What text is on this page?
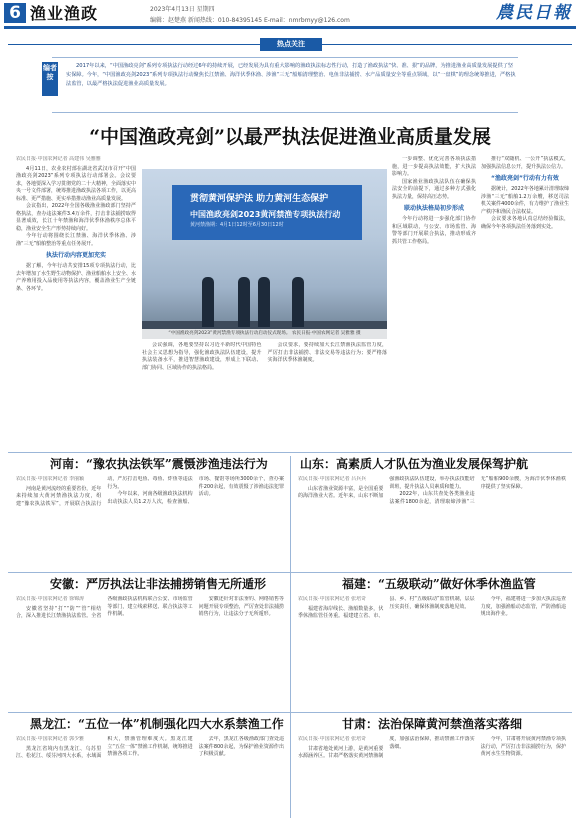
6 渔业渔政	2023年4月13日 星期四
编辑：赵楚燕 新闻热线：010-84395145 E-mail：nmrbmyy@126.com	農民日報
热点关注
编者按
2017年以来，“中国渔政亮剑”系列专项执法行动经过6年的持续开展，已经发展为具有重大影响的渔政执法标志性行动，打造了渔政执法“快、准、狠”的品牌，为推进渔业高质量发展提供了坚实保障。今年，“中国渔政亮剑2023”系列专项执法行动聚焦长江禁渔、海洋伏季休渔、涉渔“三无”船舶清理整治、电鱼非法捕捞、水产品质量安全等重点领域，以“一盘棋”的理念统筹推进，严格执法监管，以最严格执法促进渔业高质量发展。
“中国渔政亮剑”以最严执法促进渔业高质量发展
农民日报·中国农网记者 高建伟 吴雅雅

4月11日，农业农村部在湖北省武汉市召开“中国渔政亮剑2023”系列专项执法行动部署会。会议要求，各地要深入学习贯彻党的二十大精神，全面落实中央一号文件部署，统筹推进渔政执法各项工作，以更高标准、更严措施、更实举措推动渔业高质量发展。

会议指出，2022年全国各级渔业渔政部门坚持严格执法，查办违法案件3.4万余件，打击非法捕捞取得显著成效，长江十年禁渔和海洋伏季休渔秩序总体平稳，渔业安全生产形势持续向好。

今年行动将围绕长江禁渔、海洋伏季休渔、涉渔“三无”船舶整治等重点任务展开。

执法行动内容更加充实

据了解，今年行动共安排15项专项执法行动，比去年增加了水生野生动物保护、渔业船舶水上安全、水产养殖用投入品使用等执法内容，覆盖渔业生产全链条、各环节。

会议强调，各地要坚持以习近平新时代中国特色社会主义思想为指导，强化渔政执法队伍建设，提升执法装备水平，推进智慧渔政建设，形成上下联动、部门协同、区域协作的执法格局。

会议要求，要持续加大长江禁渔执法监管力度，严厉打击非法捕捞、非法交易等违法行为；要严格落实海洋伏季休渔制度。

一步调整、优化完善各项执法措施，进一步提高执法效能，扩大执法影响力。

国家渔业渔政执法队伍在确保执法安全的前提下，通过多种方式强化执法力量，保持高压态势。

联动执法格局初步形成

今年行动将进一步强化部门协作和区域联动，与公安、市场监管、海警等部门开展联合执法，推动形成齐抓共管工作格局。

推行“双随机、一公开”执法模式，加强执法信息公开，提升执法公信力。

“渔政亮剑”行动有力有效

据统计，2022年各地累计清理取缔涉渔“三无”船舶1.2万余艘，移送司法机关案件4000余件，有力维护了渔业生产秩序和渔民合法权益。

会议要求各地认真总结经验做法，确保今年各项执法任务落到实处。

贯彻黄河保护法 助力黄河生态保护
中国渔政亮剑2023黄河禁渔专项执法行动
黄河禁渔期：4月1日12时至6月30日12时
“中国渔政亮剑2023”黄河禁渔专项执法行动启动仪式现场。 农民日报·中国农网记者 吴雅雅 摄
河南：“豫农执法铁军”震慑涉渔违法行为
农民日报·中国农网记者 李丽颖

河南是黄河流经的重要省份，近年来持续加大黄河禁渔执法力度，组建“豫农执法铁军”，开展联合执法行动，严厉打击电鱼、毒鱼、炸鱼等违法行为。

今年以来，河南各级渔政执法机构出动执法人员1.2万人次，检查渔船、市场、餐馆等场所3000余个，查办案件200余起，有效震慑了涉渔违法犯罪活动。

山东：高素质人才队伍为渔业发展保驾护航
农民日报·中国农网记者 吕兵兵

山东省渔业资源丰富，是全国重要的海洋渔业大省。近年来，山东不断加强渔政执法队伍建设，举办执法技能培训班，提升执法人员素质和能力。

2022年，山东共查处各类渔业违法案件1800余起，清理取缔涉渔“三无”船舶900余艘，为海洋伏季休渔秩序提供了坚实保障。

安徽：严厉执法让非法捕捞销售无所遁形
农民日报·中国农网记者 徐锦涛

安徽省坚持“打”“防”“管”相结合，深入推进长江禁渔执法监管。全省各级渔政执法机构联合公安、市场监管等部门，建立线索移送、联合执法等工作机制。

安徽还针对非法垂钓、网络销售等问题开展专项整治，严厉查处非法捕捞销售行为，让违法分子无所遁形。

福建：“五级联动”做好休季休渔监管
农民日报·中国农网记者 张培奇

福建省海岸线长、渔船数量多，伏季休渔监管任务重。福建建立省、市、县、乡、村“五级联动”监管机制，层层压实责任，确保休渔制度落地见效。

今年，福建将进一步加大执法巡查力度，加强渔船动态监管，严防渔船违规出海作业。

黑龙江：“五位一体”机制强化四大水系禁渔工作
农民日报·中国农网记者 郭少雅

黑龙江省境内有黑龙江、乌苏里江、松花江、绥芬河四大水系，水域面积大，禁渔管理难度大。黑龙江建立“五位一体”禁渔工作机制，统筹推进禁渔各项工作。

去年，黑龙江各级渔政部门查处违法案件800余起，为保护渔业资源作出了积极贡献。

甘肃：法治保障黄河禁渔落实落细
农民日报·中国农网记者 张培奇

甘肃省地处黄河上游，是黄河重要水源涵养区。甘肃严格落实黄河禁渔制度，加强法治保障，推动禁渔工作落实落细。

今年，甘肃将开展黄河禁渔专项执法行动，严厉打击非法捕捞行为，保护黄河水生生物资源。
